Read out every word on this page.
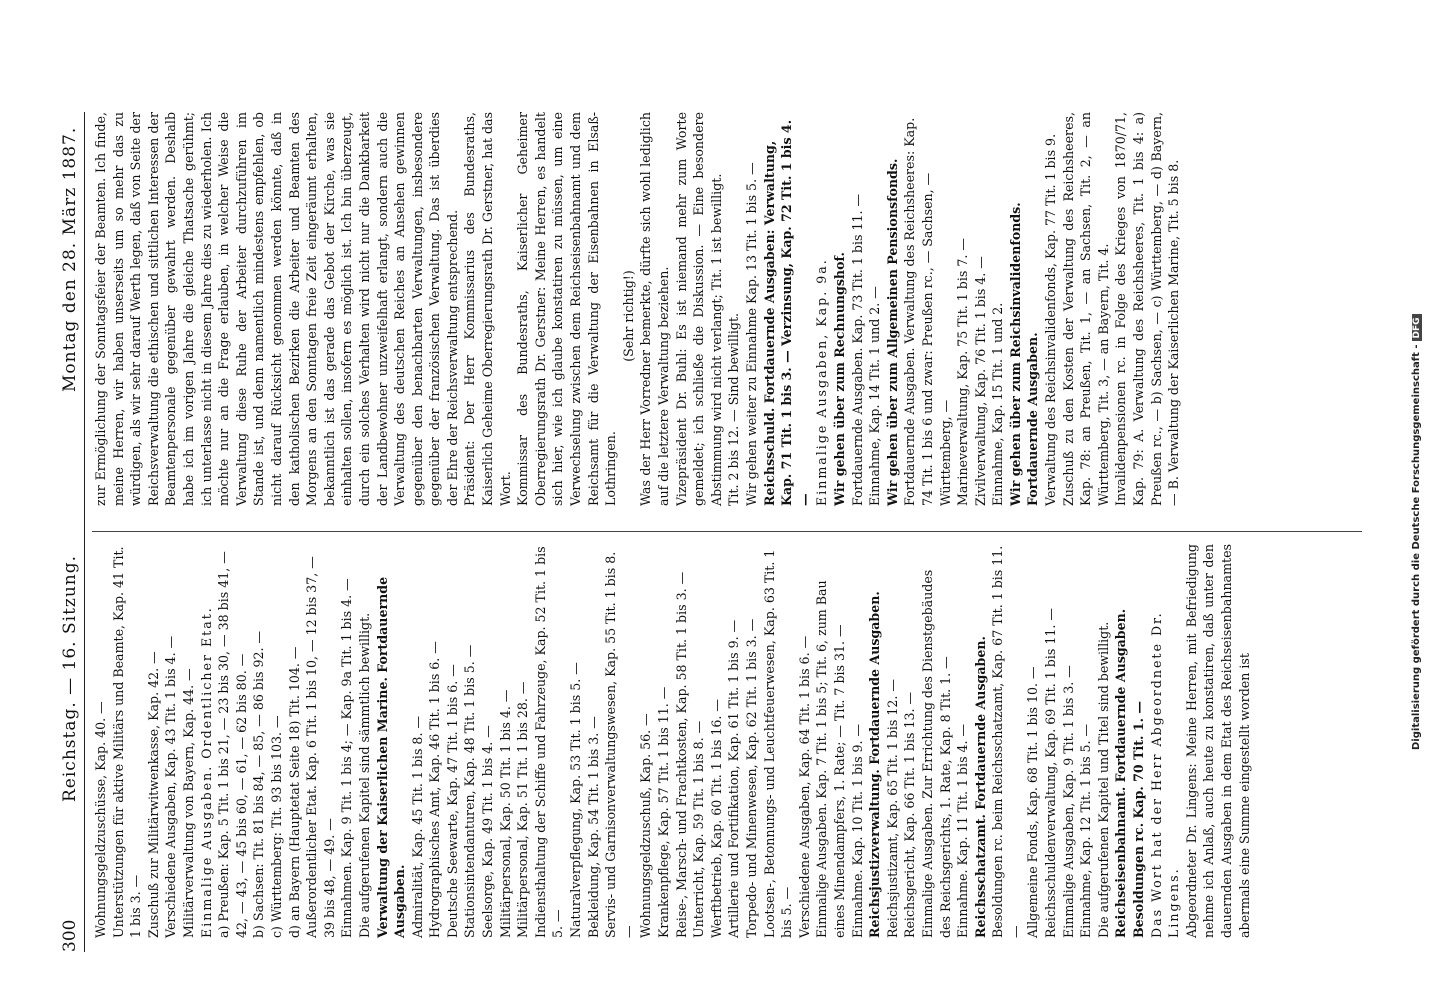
300
Reichstag. — 16. Sitzung.
Montag den 28. März 1887.

Wohnungsgeldzuschüsse, Kap. 40. — Unterstützungen für aktive Militärs und Beamte, Kap. 41 Tit. 1 bis 3. — Zuschuß zur Militärwitwenkasse, Kap. 42. — Verschiedene Ausgaben, Kap. 43 Tit. 1 bis 4. — Militärverwaltung von Bayern, Kap. 44. — Einmalige Ausgaben. Ordentlicher Etat. a) Preußen: Kap. 5 Tit. 1 bis 21, — 23 bis 30, — 38 bis 41, — 42, — 43, — 45 bis 60, — 61, — 62 bis 80. — b) Sachsen: Tit. 81 bis 84, — 85, — 86 bis 92. — c) Württemberg: Tit. 93 bis 103. — d) an Bayern (Hauptetat Seite 18) Tit. 104. — Außerordentlicher Etat. Kap. 6 Tit. 1 bis 10, — 12 bis 37, — 39 bis 48, — 49. — Einnahmen. Kap. 9 Tit. 1 bis 4; — Kap. 9a Tit. 1 bis 4. — Die aufgerufenen Kapitel sind sämmtlich bewilligt. Verwaltung der Kaiserlichen Marine. Fortdauernde Ausgaben. Admiralität, Kap. 45 Tit. 1 bis 8. — Hydrographisches Amt, Kap. 46 Tit. 1 bis 6. — Deutsche Seewarte, Kap. 47 Tit. 1 bis 6. — Stationsintendanturen, Kap. 48 Tit. 1 bis 5. — Seelsorge, Kap. 49 Tit. 1 bis 4. — Militärpersonal, Kap. 50 Tit. 1 bis 4. — Militärpersonal, Kap. 51 Tit. 1 bis 28. — Indiensthaltung der Schiffe und Fahrzeuge, Kap. 52 Tit. 1 bis 5. — Naturalverpflegung, Kap. 53 Tit. 1 bis 5. — Bekleidung, Kap. 54 Tit. 1 bis 3. — Servis- und Garnisonverwaltungswesen, Kap. 55 Tit. 1 bis 8. — Wohnungsgeldzuschuß, Kap. 56. — Krankenpflege, Kap. 57 Tit. 1 bis 11. — Reise-, Marsch- und Frachtkosten, Kap. 58 Tit. 1 bis 3. — Unterricht, Kap. 59 Tit. 1 bis 8. — Werftbetrieb, Kap. 60 Tit. 1 bis 16. — Artillerie und Fortifikation, Kap. 61 Tit. 1 bis 9. — Torpedo- und Minenwesen, Kap. 62 Tit. 1 bis 3. — Lootsen-, Betonnungs- und Leuchtfeuerwesen, Kap. 63 Tit. 1 bis 5. — Verschiedene Ausgaben, Kap. 64 Tit. 1 bis 6. — Einmalige Ausgaben. Kap. 7 Tit. 1 bis 5; Tit. 6, zum Bau eines Minendampfers, 1. Rate; — Tit. 7 bis 31. — Einnahme. Kap. 10 Tit. 1 bis 9. — Reichsjustizverwaltung. Fortdauernde Ausgaben. Reichsjustizamt, Kap. 65 Tit. 1 bis 12. — Reichsgericht, Kap. 66 Tit. 1 bis 13. — Einmalige Ausgaben. Zur Errichtung des Dienstgebäudes des Reichsgerichts, 1. Rate, Kap. 8 Tit. 1. — Einnahme. Kap. 11 Tit. 1 bis 4. — Reichsschatzamt. Fortdauernde Ausgaben. Besoldungen rc. beim Reichsschatzamt, Kap. 67 Tit. 1 bis 11. — Allgemeine Fonds, Kap. 68 Tit. 1 bis 10. — Reichsschuldenverwaltung, Kap. 69 Tit. 1 bis 11. — Einmalige Ausgaben, Kap. 9 Tit. 1 bis 3. — Einnahme, Kap. 12 Tit. 1 bis 5. — Die aufgerufenen Kapitel und Titel sind bewilligt. Reichseisenbahnamt. Fortdauernde Ausgaben. Besoldungen rc. Kap. 70 Tit. 1. — Das Wort hat der Herr Abgeordnete Dr. Lingens. Abgeordneter Dr. Lingens: Meine Herren, mit Befriedigung nehme ich Anlaß, auch heute zu konstatiren, daß unter den dauernden Ausgaben in dem Etat des Reichseisenbahnamtes abermals eine Summe eingestellt worden ist

zur Ermöglichung der Sonntagsfeier der Beamten. Ich finde, meine Herren, wir haben unserseits um so mehr das zu würdigen, als wir sehr darauf Werth legen, daß von Seite der Reichsverwaltung die ethischen und sittlichen Interessen der Beamtenpersonale gegenüber gewahrt werden. Deshalb habe ich im vorigen Jahre die gleiche Thatsache gerühmt; ich unterlasse nicht in diesem Jahre dies zu wiederholen. Ich möchte nur an die Frage erlauben, in welcher Weise die Verwaltung diese Ruhe der Arbeiter durchzuführen im Stande ist, und denn namentlich mindestens empfehlen, ob nicht darauf Rücksicht genommen werden könnte, daß in den katholischen Bezirken die Arbeiter und Beamten des Morgens an den Sonntagen freie Zeit eingeräumt erhalten, bekanntlich ist das gerade das Gebot der Kirche, was sie einhalten sollen, insofern es möglich ist. Ich bin überzeugt, durch ein solches Verhalten wird nicht nur die Dankbarkeit der Landbewohner unzweifelhaft erlangt, sondern auch die Verwaltung des deutschen Reiches an Ansehen gewinnen gegenüber den benachbarten Verwaltungen, insbesondere gegenüber der französischen Verwaltung. Das ist überdies der Ehre der Reichsverwaltung entsprechend. Präsident: Der Herr Kommissarius des Bundesraths, Kaiserlich Geheime Oberregierungsrath Dr. Gerstner, hat das Wort. Kommissar des Bundesraths, Kaiserlicher Geheimer Oberregierungsrath Dr. Gerstner: Meine Herren, es handelt sich hier, wie ich glaube konstatiren zu müssen, um eine Verwechselung zwischen dem Reichseisenbahnamt und dem Reichsamt für die Verwaltung der Eisenbahnen in Elsaß-Lothringen.

(Sehr richtig!) Was der Herr Vorredner bemerkte, dürfte sich wohl lediglich auf die letztere Verwaltung beziehen. Vizepräsident Dr. Buhl: Es ist niemand mehr zum Worte gemeldet; ich schließe die Diskussion. — Eine besondere Abstimmung wird nicht verlangt; Tit. 1 ist bewilligt. Tit. 2 bis 12. — Sind bewilligt. Wir gehen weiter zu Einnahme Kap. 13 Tit. 1 bis 5. — Reichsschuld. Fortdauernde Ausgaben: Verwaltung, Kap. 71 Tit. 1 bis 3. — Verzinsung, Kap. 72 Tit. 1 bis 4. — Einmalige Ausgaben, Kap. 9a. Wir gehen über zum Rechnungshof. Fortdauernde Ausgaben. Kap. 73 Tit. 1 bis 11. — Einnahme, Kap. 14 Tit. 1 und 2. — Wir gehen über zum Allgemeinen Pensionsfonds. Fortdauernde Ausgaben. Verwaltung des Reichsheeres: Kap. 74 Tit. 1 bis 6 und zwar: Preußen rc., — Sachsen, — Württemberg, — Marineverwaltung, Kap. 75 Tit. 1 bis 7. — Zivilverwaltung, Kap. 76 Tit. 1 bis 4. — Einnahme, Kap. 15 Tit. 1 und 2. Wir gehen über zum Reichsinvalidenfonds. Fortdauernde Ausgaben. Verwaltung des Reichsinvalidenfonds, Kap. 77 Tit. 1 bis 9. Zuschuß zu den Kosten der Verwaltung des Reichsheeres, Kap. 78: an Preußen, Tit. 1, — an Sachsen, Tit. 2, — an Württemberg, Tit. 3, — an Bayern, Tit. 4. Invalidenpensionen rc. in Folge des Krieges von 1870/71, Kap. 79: A. Verwaltung des Reichsheeres, Tit. 1 bis 4: a) Preußen rc., — b) Sachsen, — c) Württemberg, — d) Bayern, — B. Verwaltung der Kaiserlichen Marine, Tit. 5 bis 8.

Digitalisierung gefördert durch die Deutsche Forschungsgemeinschaft -DFG
